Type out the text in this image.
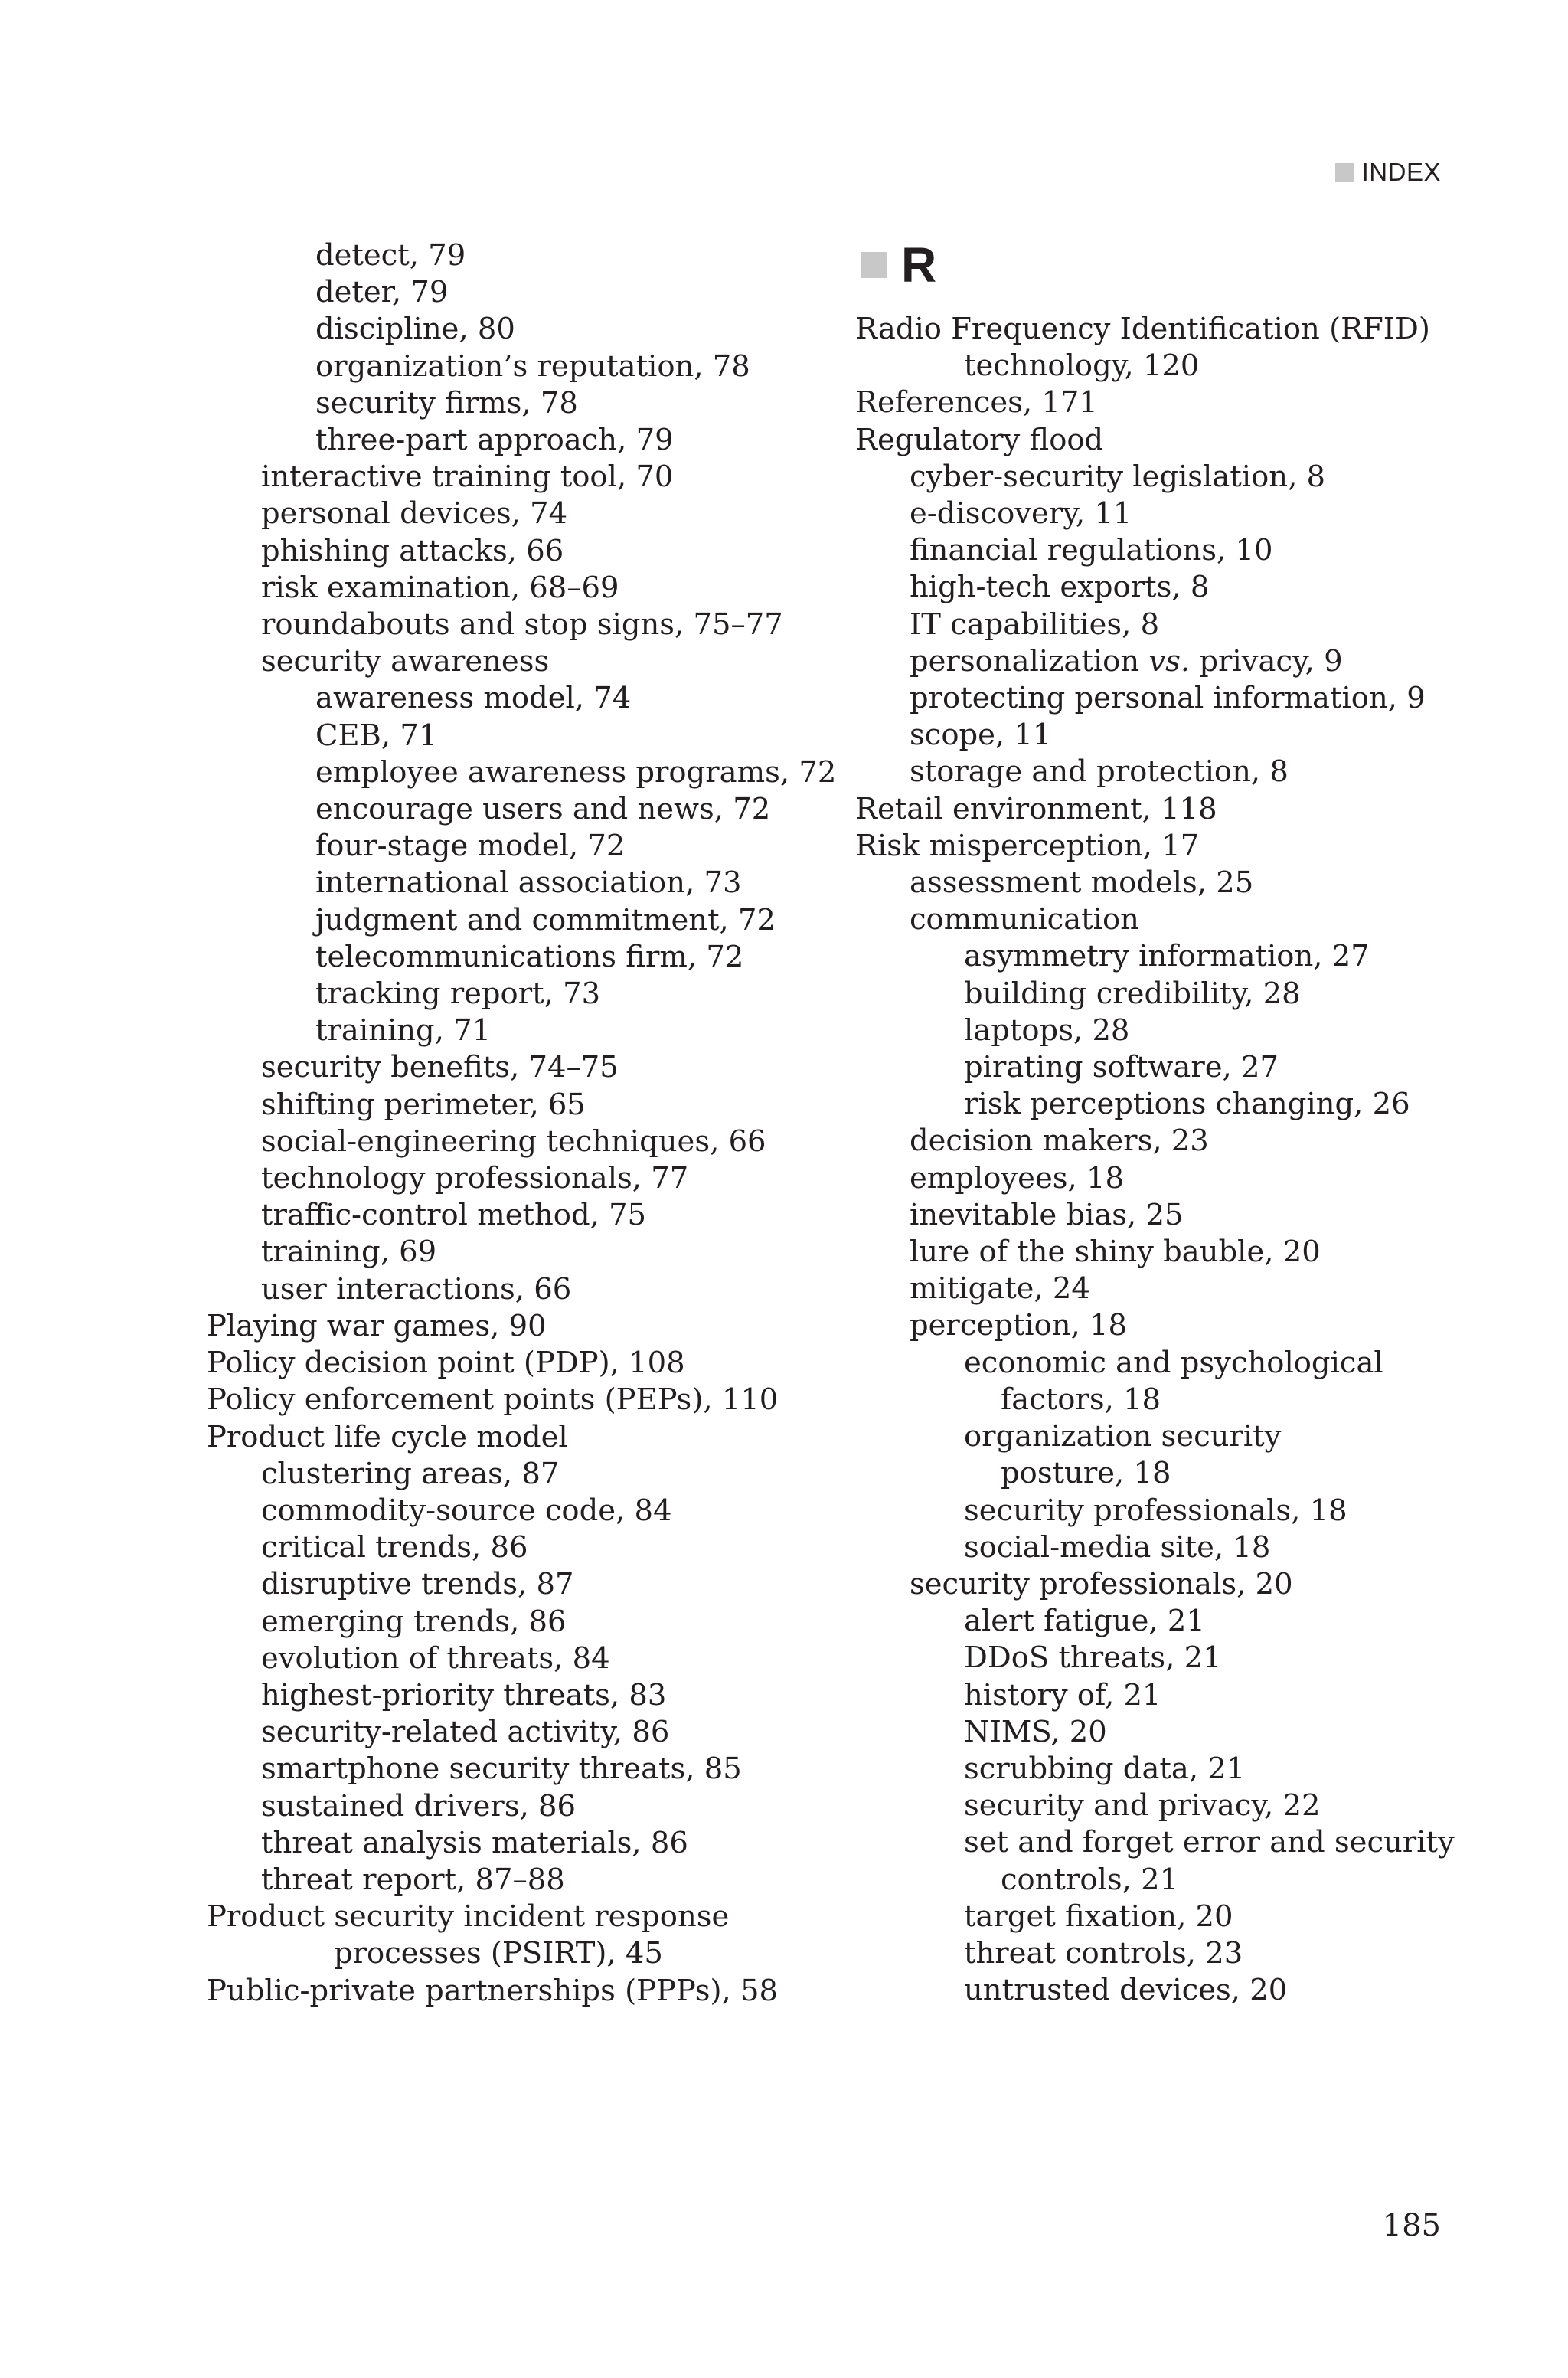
INDEX
detect, 79
deter, 79
discipline, 80
organization’s reputation, 78
security firms, 78
three-part approach, 79
interactive training tool, 70
personal devices, 74
phishing attacks, 66
risk examination, 68–69
roundabouts and stop signs, 75–77
security awareness
awareness model, 74
CEB, 71
employee awareness programs, 72
encourage users and news, 72
four-stage model, 72
international association, 73
judgment and commitment, 72
telecommunications firm, 72
tracking report, 73
training, 71
security benefits, 74–75
shifting perimeter, 65
social-engineering techniques, 66
technology professionals, 77
traffic-control method, 75
training, 69
user interactions, 66
Playing war games, 90
Policy decision point (PDP), 108
Policy enforcement points (PEPs), 110
Product life cycle model
clustering areas, 87
commodity-source code, 84
critical trends, 86
disruptive trends, 87
emerging trends, 86
evolution of threats, 84
highest-priority threats, 83
security-related activity, 86
smartphone security threats, 85
sustained drivers, 86
threat analysis materials, 86
threat report, 87–88
Product security incident response
processes (PSIRT), 45
Public-private partnerships (PPPs), 58
R
Radio Frequency Identification (RFID)
technology, 120
References, 171
Regulatory flood
cyber-security legislation, 8
e-discovery, 11
financial regulations, 10
high-tech exports, 8
IT capabilities, 8
personalization vs. privacy, 9
protecting personal information, 9
scope, 11
storage and protection, 8
Retail environment, 118
Risk misperception, 17
assessment models, 25
communication
asymmetry information, 27
building credibility, 28
laptops, 28
pirating software, 27
risk perceptions changing, 26
decision makers, 23
employees, 18
inevitable bias, 25
lure of the shiny bauble, 20
mitigate, 24
perception, 18
economic and psychological
factors, 18
organization security
posture, 18
security professionals, 18
social-media site, 18
security professionals, 20
alert fatigue, 21
DDoS threats, 21
history of, 21
NIMS, 20
scrubbing data, 21
security and privacy, 22
set and forget error and security
controls, 21
target fixation, 20
threat controls, 23
untrusted devices, 20
185
